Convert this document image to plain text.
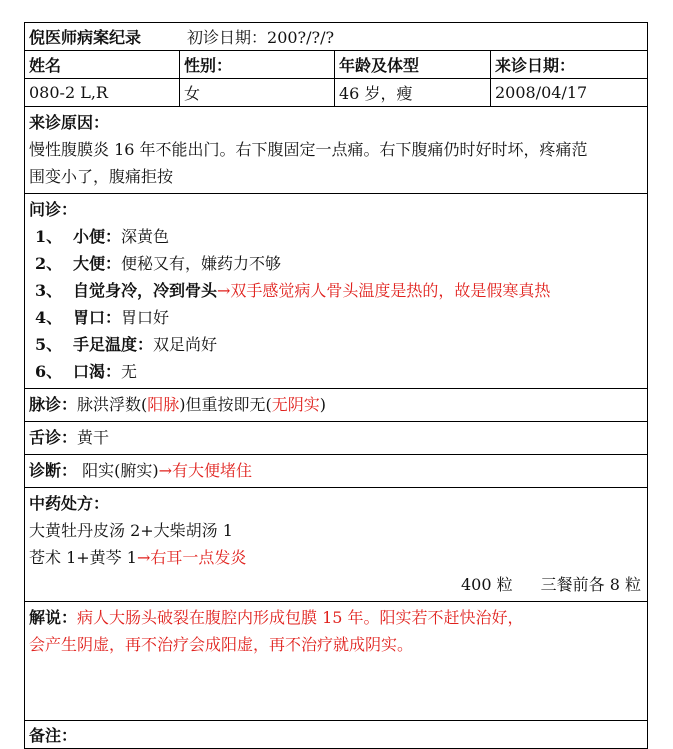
倪医师病案纪录	初诊日期：200?/?/?
姓名	性别：	年龄及体型	来诊日期：
080-2 L,R	女	46 岁，瘦	2008/04/17
来诊原因：
慢性腹膜炎 16 年不能出门。右下腹固定一点痛。右下腹痛仍时好时坏，疼痛范
围变小了，腹痛拒按
问诊：
1、 小便： 深黄色
2、 大便： 便秘又有，嫌药力不够
3、 自觉身冷，冷到骨头 →双手感觉病人骨头温度是热的，故是假寒真热
4、 胃口： 胃口好
5、 手足温度： 双足尚好
6、 口渴： 无
脉诊：脉洪浮数(阳脉)但重按即无(无阴实)
舌诊：黄干
诊断： 阳实(腑实)→有大便堵住
中药处方：
大黄牡丹皮汤 2+大柴胡汤 1
苍术 1+黄芩 1→右耳一点发炎
400 粒 三餐前各 8 粒
解说：病人大肠头破裂在腹腔内形成包膜 15 年。阳实若不赶快治好，
会产生阴虚，再不治疗会成阳虚，再不治疗就成阴实。
备注：
